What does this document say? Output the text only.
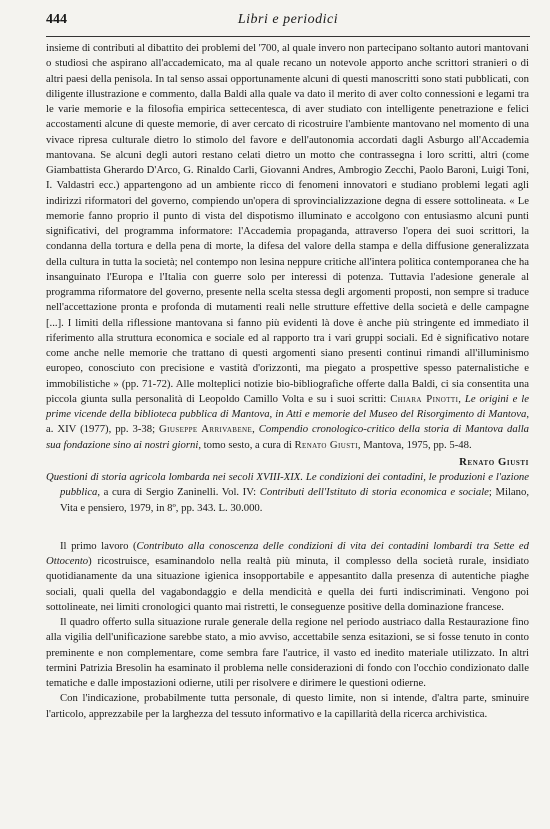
444	Libri e periodici

insieme di contributi al dibattito dei problemi del '700, al quale invero non partecipano soltanto autori mantovani o studiosi che aspirano all'accademicato, ma al quale recano un notevole apporto anche scrittori stranieri o di altri paesi della penisola. In tal senso assai opportunamente alcuni di questi manoscritti sono stati pubblicati, con diligente illustrazione e commento, dalla Baldi alla quale va dato il merito di aver colto connessioni e legami tra le varie memorie e la filosofia empirica settecentesca, di aver studiato con intelligente penetrazione e felici accostamenti alcune di queste memorie, di aver cercato di ricostruire l'ambiente mantovano nel momento di una vivace ripresa culturale dietro lo stimolo del favore e dell'autonomia accordati dagli Asburgo all'Accademia mantovana. Se alcuni degli autori restano celati dietro un motto che contrassegna i loro scritti, altri (come Giambattista Gherardo D'Arco, G. Rinaldo Carli, Giovanni Andres, Ambrogio Zecchi, Paolo Baroni, Luigi Toni, I. Valdastri ecc.) appartengono ad un ambiente ricco di fenomeni innovatori e studiano problemi legati agli indirizzi riformatori del governo, compiendo un'opera di sprovincializzazione degna di essere sottolineata. « Le memorie fanno proprio il punto di vista del dispotismo illuminato e accolgono con entusiasmo alcuni punti significativi, del programma informatore: l'Accademia propaganda, attraverso l'opera dei suoi scrittori, la condanna della tortura e della pena di morte, la difesa del valore della stampa e della diffusione generalizzata della cultura in tutta la società; nel contempo non lesina neppure critiche all'intera politica contemporanea che ha insanguinato l'Europa e l'Italia con guerre solo per interessi di potenza. Tuttavia l'adesione generale al programma riformatore del governo, presente nella scelta stessa degli argomenti proposti, non sempre si traduce nell'accettazione pronta e profonda di mutamenti reali nelle strutture effettive della società e delle campagne [...]. I limiti della riflessione mantovana si fanno più evidenti là dove è anche più stringente ed immediato il riferimento alla struttura economica e sociale ed al rapporto tra i vari gruppi sociali. Ed è significativo notare come anche nelle memorie che trattano di questi argomenti siano presenti continui rimandi all'illuminismo europeo, conosciuto con precisione e vastità d'orizzonti, ma piegato a prospettive spesso paternalistiche e immobilistiche » (pp. 71-72). Alle molteplici notizie bio-bibliografiche offerte dalla Baldi, ci sia consentita una piccola giunta sulla personalità di Leopoldo Camillo Volta e su i suoi scritti: Chiara Pinotti, Le origini e le prime vicende della biblioteca pubblica di Mantova, in Atti e memorie del Museo del Risorgimento di Mantova, a. XIV (1977), pp. 3-38; Giuseppe Arrivabene, Compendio cronologico-critico della storia di Mantova dalla sua fondazione sino ai nostri giorni, tomo sesto, a cura di Renato Giusti, Mantova, 1975, pp. 5-48.

Renato Giusti

Questioni di storia agricola lombarda nei secoli XVIII-XIX. Le condizioni dei contadini, le produzioni e l'azione pubblica, a cura di Sergio Zaninelli. Vol. IV: Contributi dell'Istituto di storia economica e sociale; Milano, Vita e pensiero, 1979, in 8º, pp. 343. L. 30.000.

Il primo lavoro (Contributo alla conoscenza delle condizioni di vita dei contadini lombardi tra Sette ed Ottocento) ricostruisce, esaminandolo nella realtà più minuta, il complesso della società rurale, insidiato quotidianamente da una situazione igienica insopportabile e appesantito dalla presenza di autentiche piaghe sociali, quali quella del vagabondaggio e della mendicità e quella dei furti indiscriminati. Vengono poi sottolineate, nei limiti cronologici quanto mai ristretti, le conseguenze positive della dominazione francese.

Il quadro offerto sulla situazione rurale generale della regione nel periodo austriaco dalla Restaurazione fino alla vigilia dell'unificazione sarebbe stato, a mio avviso, accettabile senza esitazioni, se si fosse tenuto in conto preminente e non complementare, come sembra fare l'autrice, il vasto ed inedito materiale utilizzato. In altri termini Patrizia Bresolin ha esaminato il problema nelle considerazioni di fondo con l'occhio condizionato dalle tematiche e dalle impostazioni odierne, utili per risolvere e dirimere le questioni odierne.

Con l'indicazione, probabilmente tutta personale, di questo limite, non si intende, d'altra parte, sminuire l'articolo, apprezzabile per la larghezza del tessuto informativo e la capillarità della ricerca archivistica.
